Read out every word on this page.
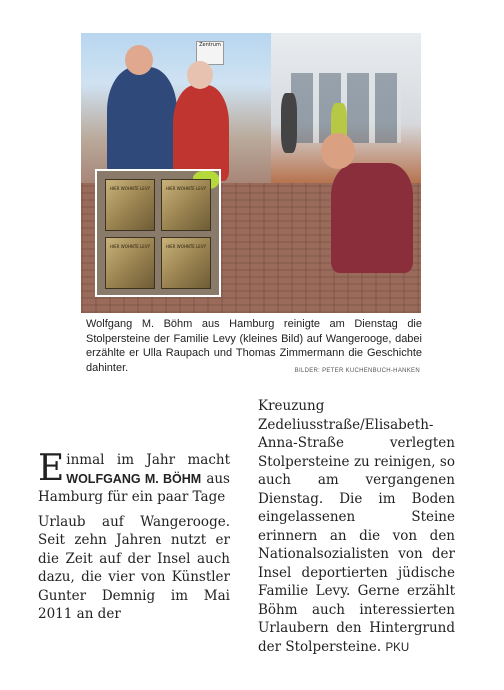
Zentrum
HIER WOHNTE LEVY	HIER WOHNTE LEVY
HIER WOHNTE LEVY	HIER WOHNTE LEVY
Wolfgang M. Böhm aus Hamburg reinigte am Dienstag die Stolpersteine der Familie Levy (kleines Bild) auf Wangerooge, dabei erzählte er Ulla Raupach und Thomas Zimmermann die Geschichte dahinter.	BILDER: PETER KUCHENBUCH-HANKEN
Einmal im Jahr macht WOLFGANG M. BÖHM aus Hamburg für ein paar Tage
Urlaub auf Wangerooge. Seit zehn Jahren nutzt er die Zeit auf der Insel auch dazu, die vier von Künstler Gunter Demnig im Mai 2011 an der
Kreuzung Zedeliusstraße/Elisabeth-Anna-Straße verlegten Stolpersteine zu reinigen, so auch am vergangenen Dienstag. Die im Boden eingelassenen Steine erinnern an die von den Nationalsozialisten von der Insel deportierten jüdische Familie Levy. Gerne erzählt Böhm auch interessierten Urlaubern den Hintergrund der Stolpersteine. PKU
